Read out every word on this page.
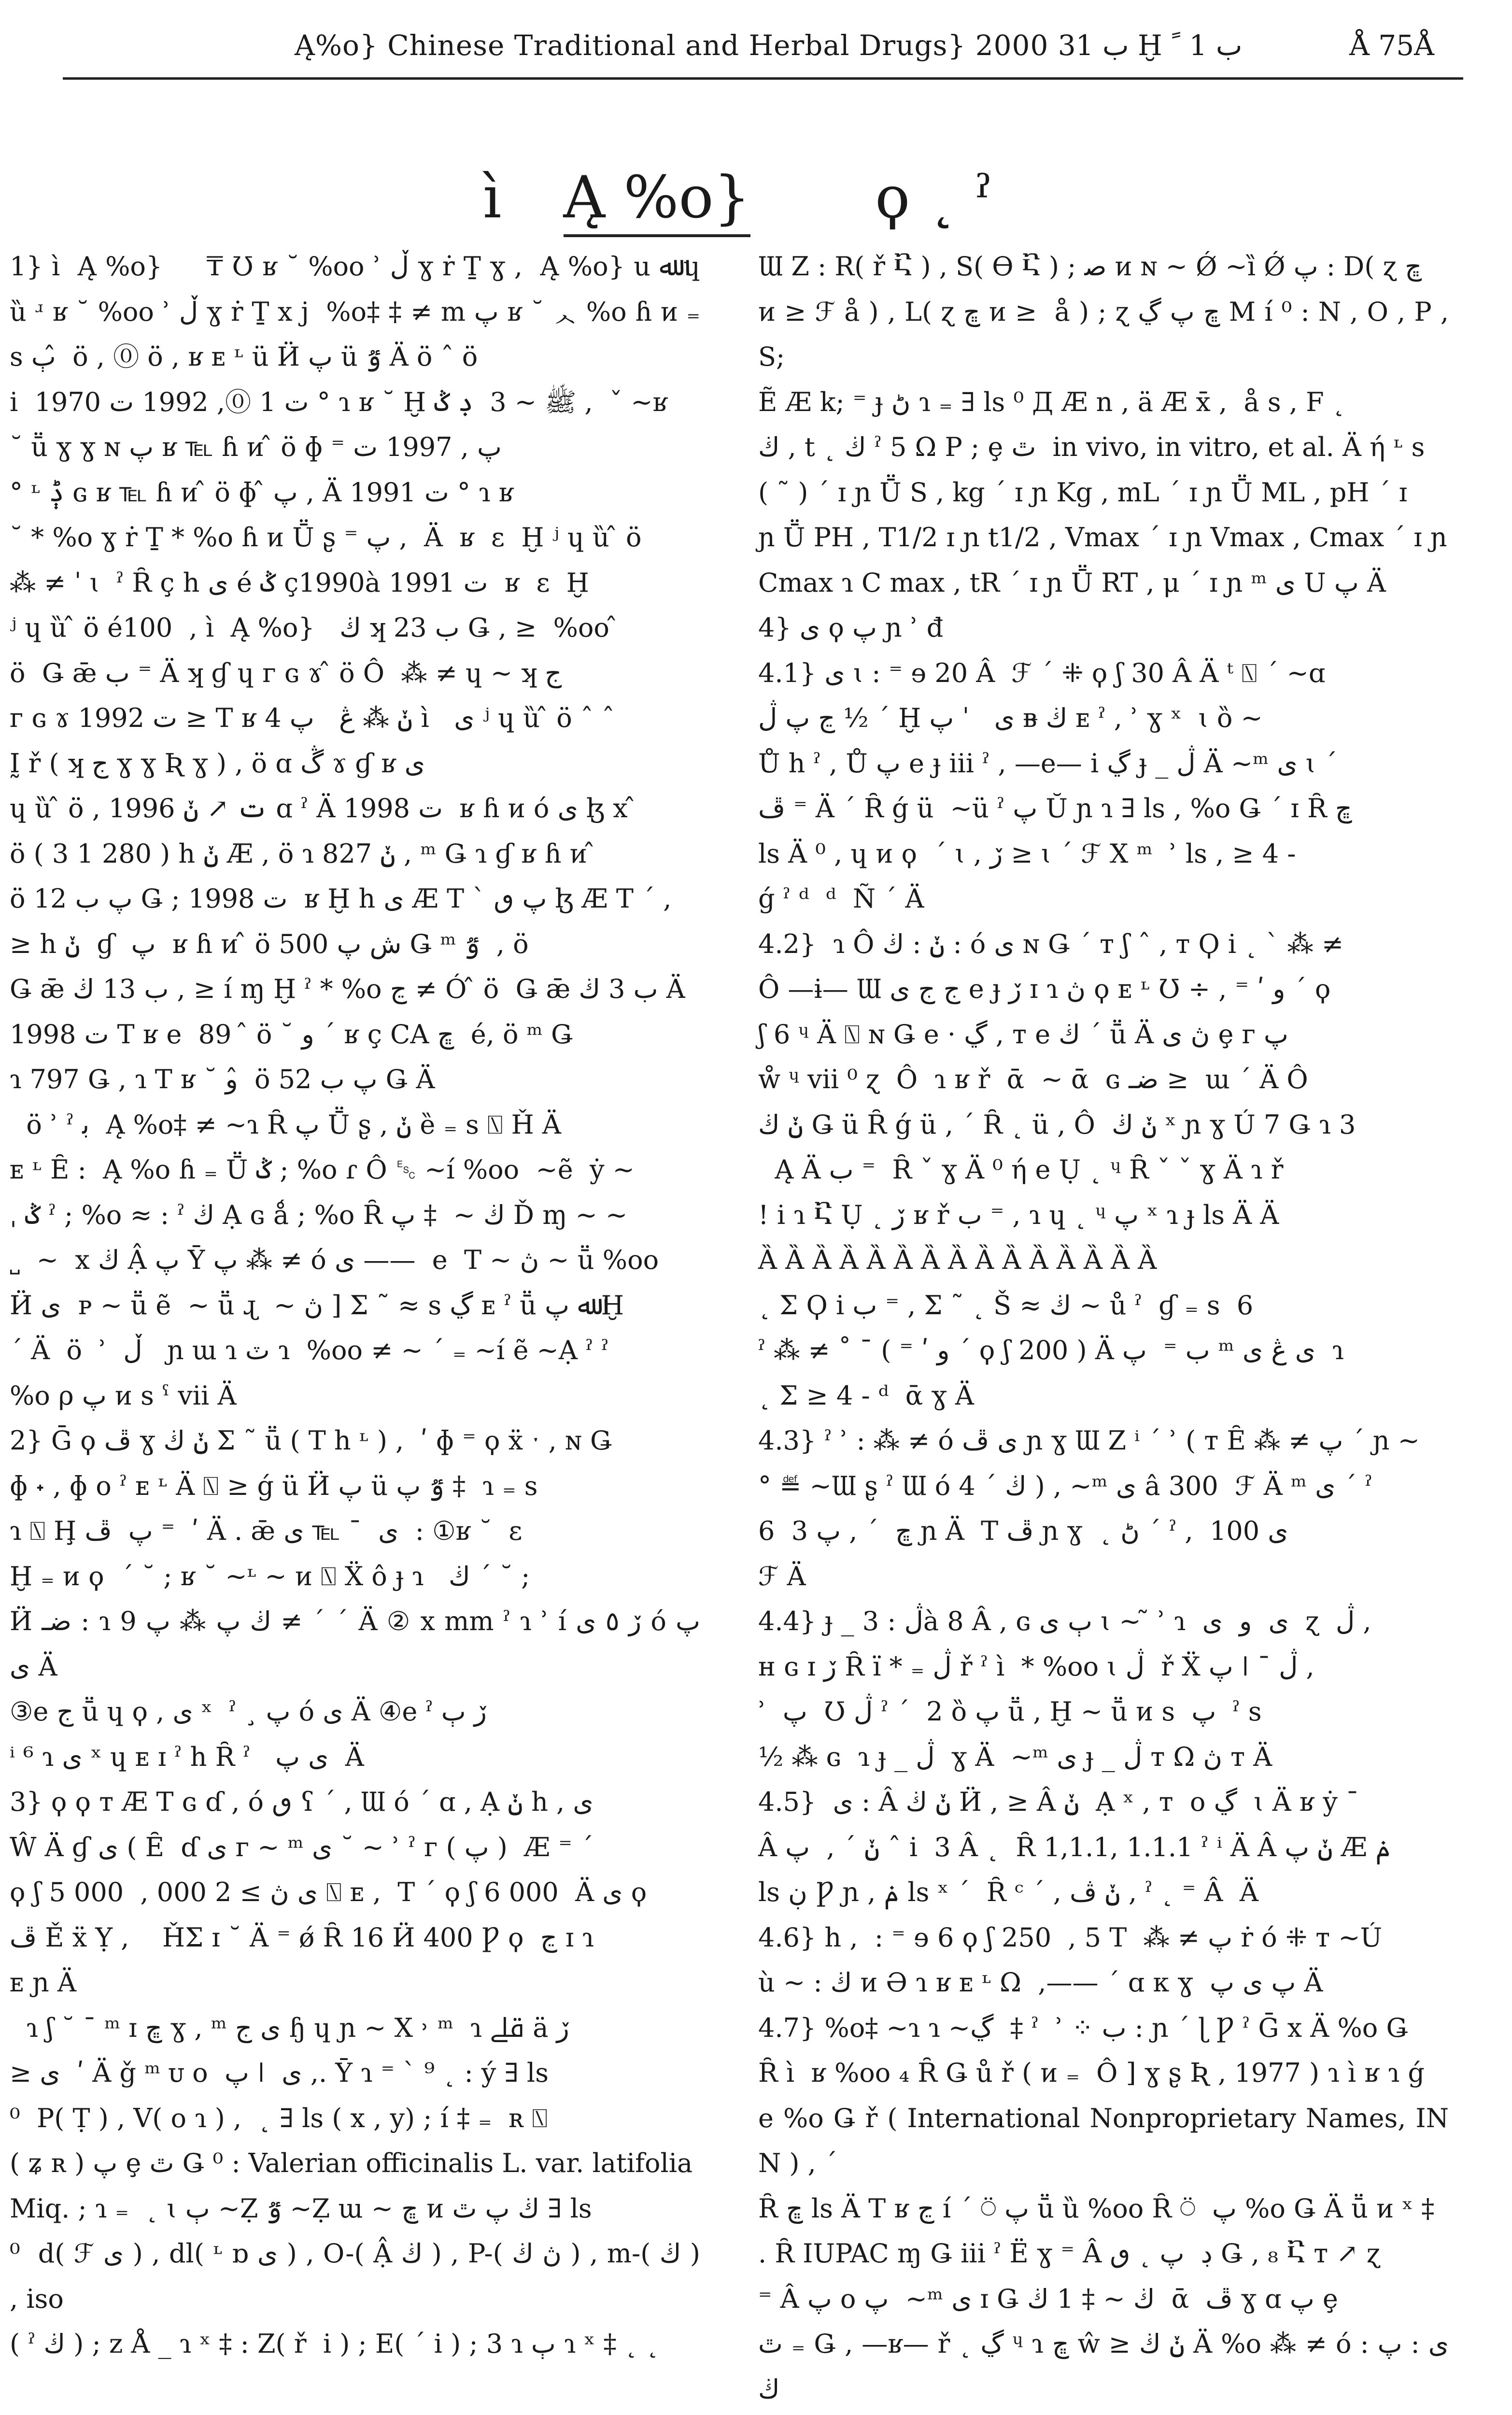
Ą%o} Chinese Traditional and Herbal Drugs} 2000 ب 31 Ḫ ب 1 ﹰ	Å 75Å
ì Ą %o} ϙ ˛ ˀ
1} ì  Ą %o}     ₸ Ʊ ʁ ˘ %oo ʾ ڵ ɣ ṙ Ṯ ɣ ,  Ą %o} u ﷲ ɥ ȕ ʴ ʁ ˘ %oo ʾ ڵ ɣ ṙ Ṯ x j  %o‡ ‡ ≠ m پ ʁ ˘ ᆺ %o ɦ ᴎ ₌ s ٻ ̂ ö , ⓪ ö , ʁ ᴇ ᶫ ü Ӥ پ ü ٷ Ä ö ˆ ö
i  1970 ت 1 ⓪, 1992 ت ° ɿ ʁ ˘ Ḫ ﷺ ~ 3  ڊ ݣ ,  ˇ ~ʁ
˘ ṻ ɣ ɣ ɴ پ ʁ ℡ ɦ ᴎ ̂ ö ɸ ⁼ پ , 1997 ت
° ᶫ ݙ ɢ ʁ ℡ ɦ ᴎ ̂ ö ɸ ̂ پ , Ä 1991 ت ° ɿ ʁ
˘ * %o ɣ ṙ Ṯ * %o ɦ ᴎ Ṻ ʂ ⁼ پ ,  Ä  ʁ  ɛ  Ḫ ʲ ɥ ȕ ̂ ö
⁂ ≠ ˈ ɩ  ˀ Ȓ ç h ی é ݣ ç1990à 1991 ت  ʁ  ɛ  Ḫ
ʲ ɥ ȕ ̂ ö é100  , ì  Ą %o}   ڬ ʞ ب 23 Ǥ , ≥  %oo ̂
ö  Ǥ ǣ ب ⁼ Ä ʞ ɠ ɥ ᴦ ɢ ɤ ̂ ö Ô  ⁂ ≠ ɥ ~ ʞ ج
ᴦ ɢ ɤ 1992 ت ≥ T ʁ 4 ݩ ⁂ ڠ   پ ì   ی ʲ ɥ ȕ ̂ ö ˆ ˆ
Ḭ ř ( ʞ ج ɣ ɣ Ʀ ɣ ) , ö ɑ ڴ ɤ ɠ ʁ ی
ɥ ȕ ̂ ö , 1996 ت ↗ ݩ ɑ ˀ Ä 1998 ت  ʁ ɦ ᴎ ó ی ɮ x ̂
ö ( 3 1 280 ) h ݩ Æ , ö ɿ 827 ݩ , ᵐ Ǥ ɿ ɠ ʁ ɦ ᴎ ̂
ö پ ب 12 Ǥ ; 1998 ت  ʁ Ḫ h ی Æ T ` پ ٯ ɮ Æ T ˊ ,
≥ h ݩ  ɠ  پ  ʁ ɦ ᴎ ̂ ö ش پ 500 Ǥ ᵐ ٷ  , ö
Ǥ ǣ ب 13 ڬ , ≥ í ɱ Ḫ ˀ * %o ڃ ≠ Ó ̂ ö  Ǥ ǣ ب 3 ڬ Ä
1998 ت T ʁ e  89  ̂ ö ˘ و ˊ ʁ ç CA ڇ  é, ö ᵐ Ǥ
ɿ 797 Ǥ , ɿ T ʁ ˘ و ̂ ö پ ب 52 Ǥ Ä
ö ʾ ˀ ﺑ  Ą %o‡ ≠ ~ɿ Ȓ پ Ṻ ʂ , ݩ ȅ ₌ s ⍂ Ȟ Ä
ᴇ ᶫ Ȇ :  Ą %o ɦ ₌ Ṻ ݣ ; %o ɾ Ô ␛ ~í %oo  ~ẽ  ẏ ~
ˌ ݣ ˀ ; %o ≈ : ˀ ڬ Ạ ɢ ǻ ; %o Ȓ ڬ ~  ‡ پ Ď ɱ ~ ~
˽  ~  x ڬ Ậ پ Ȳ پ ⁂ ≠ ó ی ——  e  T ~ ڽ ~ ṻ %oo
Ӥ ی  ᴘ ~ ṻ ẽ  ~ ṻ ɻ  ~ ڽ ] Σ ˜ ≈ s ڲ ᴇ ˀ ṻ ﷲ پ Ḫ
ˊ Ä  ö  ʾ  ڵ   ɲ ɯ ɿ ٽ ɿ  %oo ≠ ~ ˊ ₌ ~í ẽ ~Ạ ˀ ˀ
%o ρ پ ᴎ s ˤ vii Ä
2} Ḡ ϙ ڦ ɣ ݩ ڬ Σ ˜ ṻ ( T h ᶫ ) ,  ʹ ɸ ⁼ ϙ ẍ ˑ , ɴ Ǥ
ɸ ˖ , ɸ o ˀ ᴇ ᶫ Ä ⍂ ≥ ǵ ü Ӥ پ ü ٷ پ ‡  ɿ ₌ s
ɿ ⍂ Ḩ پ  ڦ ⁼  ʹ Ä . ǣ ی  ¯ ℡ ی  : ①ʁ ˘  ɛ
Ḫ ₌ ᴎ ϙ  ˊ ˘ ; ʁ ˘ ~ᶫ ~ ᴎ ⍂ Ẍ ô ɟ ɿ   ڬ ˊ ˘ ;
Ӥ ضـ : ɿ 9 ڬ پ ⁂ پ ≠ ˊ ˊ Ä ② x mm ˀ ɿ ʾ í ڒ ٥ ی ó پ ی Ä
③e ج ṻ ɥ ϙ , ی ˣ  ˀ ¸ پ ó ی Ä ④e ˀ ڒ ٻ
ⁱ ⁶ ɿ ی ˣ ɥ ᴇ ɪ ˀ h Ȓ ˀ   ی پ  Ä
3} ϙ ϙ ᴛ Æ T ɢ ɗ , ó ٯ ʕ ˊ , Ɯ ó ˊ ɑ , Ạ ݩ h , ی
Ŵ Ä ɠ ی ( Ȇ  ɗ ی ᴦ ~ ᵐ ی ˘ ~ ʾ ˀ ᴦ ( پ )  Æ ⁼ ˊ
ϙ ʃ 5 000  , ی ڽ ≥ 2 000 ⍂ ᴇ ,  T ˊ ϙ ʃ 6 000  Ä ی ϙ
ڦ Ě ẍ Ỵ ,    ȞΣ ɪ ˘ Ä ⁼ ǿ Ȓ 16 Ӥ 400 Ƿ ϙ  ڃ ɪ ɿ
ᴇ ɲ Ä
ɿ ʃ ˘ ¯ ᵐ ɪ ڇ ɣ , ᵐ ی ج ɧ ɥ ɲ ~ X ˒ ᵐ  ɿ ﷱ ä ڒ
≥ ی  ʹ Ä ǧ ᵐ ᴜ o  پ ǀ  ی ,. Ȳ ɿ ⁼ ˋ ⁹ ˛ : ý ∃ ls
⁰  P( Ṭ ) , V( o ɿ ) ,  ˛ ∃ ls ( x , y) ; í ‡ ₌  ʀ ⍂
( ʑ ʀ ) پ ȩ ٿ Ǥ ⁰ : Valerian officinalis L. var. latifolia
Miq. ; ɿ ₌  ˛ ɩ ٻ ~Ẓ ٷ ~Ẓ ɯ ~ ڇ ᴎ ڬ پ ٿ ∃ ls
⁰  d( ℱ ى ) , dl( ᶫ ɒ ى ) , O-( Ậ ڬ ) , P-( ڽ ڬ ) , m-( ڬ ) , iso
( ˀ ڬ ) ; z Å _ ɿ ˣ ‡ : Z( ř  i ) ; E( ˊ i ) ; 3 ɿ ٻ ɿ ˣ ‡ ˛ ˛
Ɯ Z : R( ř Ⴀ ) , S( ϴ Ⴀ ) ; ﺻ ᴎ ɴ ~ Ǿ ~ȉ Ǿ پ : D( ɀ ڇ
ᴎ ≥ ℱ å ) , L( ɀ ڇ ᴎ ≥  å ) ; ɀ ڇ پ ڲ M í ⁰ : N , O , P , S;
Ẽ Æ k; ⁼ ɟ ڻ ɿ ₌ ∃ ls ⁰ Д Æ n , ä Æ x̄ ,  å s , F ˛
ڬ , t ˛ ڬ ˀ 5 Ω P ; ȩ ٿ  in vivo, in vitro, et al. Ä ή ᶫ s
( ˜ ) ˊ ɪ ɲ Ṻ S , kg ˊ ɪ ɲ Kg , mL ˊ ɪ ɲ Ṻ ML , pH ˊ ɪ
ɲ Ṻ PH , T1/2 ɪ ɲ t1/2 , Vmax ˊ ɪ ɲ Vmax , Cmax ˊ ɪ ɲ
Cmax ɿ C max , tR ˊ ɪ ɲ Ṻ RT , μ ˊ ɪ ɲ ᵐ ی U پ Ä
4} ی ϙ پ ɲ ʾ đ
4.1} ی ɩ : ⁼ ɘ 20 Â  ℱ ˊ ⁜ ϙ ʃ 30 Â Ä ᵗ ⍂ ˊ ~ɑ
ڃ پ ڷ ½ ˊ Ḫ ی   ˈ پ ᴃ ڬ ᴇ ˀ , ʾ ɣ ˣ  ɩ ȍ ~
Ů h ˀ , Ů پ e ɟ iii ˀ , —e— i ڲ ɟ _ ڷ Ä ~ᵐ ی ɩ ˊ
ڦ ⁼ Ä ˊ Ȓ ǵ ü  ~ü ˀ پ Ŭ ɲ ɿ ∃ ls , %o Ǥ ˊ ɪ Ȓ ڇ
ls Ä ⁰ , ɥ ᴎ ϙ  ˊ ɩ , ڒ ≥ ɩ ˊ ℱ X ᵐ  ʾ ls , ≥ 4 -
ǵ ˀ ᵈ  ᵈ  Ñ ˊ Ä
4.2}  ɿ Ô ݩ : ڬ : ó ی ɴ Ǥ ˊ ᴛ ʃ ˆ , ᴛ Ϙ i ˛ ˋ ⁂ ≠
Ô —ɨ— Ɯ ج ج ی e ɟ ڒ ɪ ɿ ڽ ϙ ᴇ ᶫ Ʊ ÷ , ⁼ ʹ و ˊ ϙ
ʃ 6 ᶣ Ä ⍂ ɴ Ǥ e · ڲ , ᴛ e ڬ ˊ ṻ Ä ڽ ی ȩ ᴦ پ
ẘ ᶣ vii ⁰ ɀ  Ô  ɿ ʁ ř  ᾱ  ~ ᾱ  ɢ ضـ ≥  ɯ ˊ Ä Ô
ݩ ڬ Ǥ ü Ȓ ǵ ü , ˊ Ȓ ˛ ü , Ô  ݩ ڬ ˣ ɲ ɣ Ú 7 Ǥ ɿ 3
Ą Ä ب ⁼  Ȓ ˇ ɣ Ä ⁰ ή e Ụ ˛ ᶣ Ȓ ˇ ˇ ɣ Ä ɿ ř
! i ɿ Ⴀ Ụ ˛ ڒ ʁ ř ب ⁼ , ɿ ɥ ˛ ᶣ پ ˣ ɿ ɟ ls Ä Ä
Ȁ Ȁ Ȁ Ȁ Ȁ Ȁ Ȁ Ȁ Ȁ Ȁ Ȁ Ȁ Ȁ Ȁ Ȁ
˛ Σ Ϙ i ب ⁼ , Σ ˜ ˛ Š ≈ ڬ ~ ů ˀ  ɠ ₌ s  6
ˀ ⁂ ≠ ˚ ¯ ( ⁼ ʹ و ˊ ϙ ʃ 200 ) Ä ب ⁼  پ ᵐ ی ڠ ی  ɿ
˛ Σ ≥ 4 - ᵈ  ᾱ ɣ Ä
4.3} ˀ ʾ : ⁂ ≠ ó ی ڦ ɲ ɣ Ɯ Z ⁱ ˊ ʾ ( ᴛ Ȇ ⁂ ≠ پ ˊ ɲ ~
° ≝ ~Ɯ ʂ ˀ Ɯ ó 4 ˊ ڬ ) , ~ᵐ ی â 300  ℱ Ä ᵐ ی ˊ ˀ
6  ڇ  ˊ , پ 3 ɲ Ä  T ڦ ɲ ɣ  ˛ ڻ ˊ ˀ ,  ی 100
ℱ Ä
4.4} ɟ _ ڷ : 3à 8 Â , ɢ ٻ ی ɩ ~ ̃ ʾ ɿ  ی  و  ی  ɀ  ڷ ,
ʜ ɢ ɪ ڒ Ȓ ï * ₌ ڷ ř ˀ ì  * %oo ɩ ڷ  ř Ẍ پ ǀ ˉ ڷ ,
ʾ  پ  Ʊ ڷ ˀ ˊ  2 ȍ پ ṻ , Ḫ ~ ṻ ᴎ s  پ  ˀ s
½ ⁂ ɢ  ɿ ɟ _ ڷ  ɣ Ä  ~ᵐ ی ɟ _ ڷ ᴛ Ω ڽ ᴛ Ä
4.5}  ی : Â ݩ ڬ Ӥ , ≥ Â ݩ  Ạ ˣ , ᴛ  o ڲ  ɩ Ä ʁ ẏ ˉ
Â ݩ ˊ ,  پ ˆ i  3 Â ˛  Ȓ 1,1.1, 1.1.1 ˀ ⁱ Ä Â ݩ پ Æ ݥ
ls ڹ Ƿ ɲ , ݥ ls ˣ ˊ  Ȓ ᶜ ˊ , ݩ ڤ , ˀ ˛ ⁼ Â  Ä
4.6} h ,  : ⁼ ɘ 6 ϙ ʃ 250  , 5 T  ⁂ ≠ پ ṙ ó ⁜ ᴛ ~Ú
ù ~ : ڬ ᴎ Ә ɿ ʁ ᴇ ᶫ Ω  ,—— ˊ ɑ ᴋ ɣ  پ ی پ Ä
4.7} %o‡ ~ɿ ɿ ~ڲ  ‡ ˀ  ʾ ⁘ ب : ɲ ˊ ɭ Ƿ ˀ Ḡ x Ä %o Ǥ
Ȓ ì  ʁ %oo ₄ Ȓ Ǥ ů ř ( ᴎ ₌  Ô ] ɣ ʂ Ʀ , 1977 ) ɿ ì ʁ ɿ ǵ
e %o Ǥ ř ( International Nonproprietary Names, INN ) , ˊ
Ȓ ڇ ls Ä T ʁ ڃ í ˊ ⍥ پ ṻ ȕ %oo Ȓ ⍥  پ %o Ǥ Ä ṻ ᴎ ˣ ‡
. Ȓ IUPAC ɱ Ǥ iii ˀ Ë ɣ ⁼ Â ڊ  پ ˛ ٯ Ǥ , ₈ Ⴀ ᴛ ↗ ɀ
⁼ Â پ o پ  ~ᵐ ی ɪ Ǥ ڬ ~ ‡ 1 ڬ  ᾱ  ڦ ɣ ɑ پ ȩ
ٿ ₌ Ǥ , —ʁ— ř ˛ ڲ ᶣ ɿ ڇ ŵ ≥ ݩ ڬ Ä %o ⁂ ≠ ó ی : پ : ڬ
